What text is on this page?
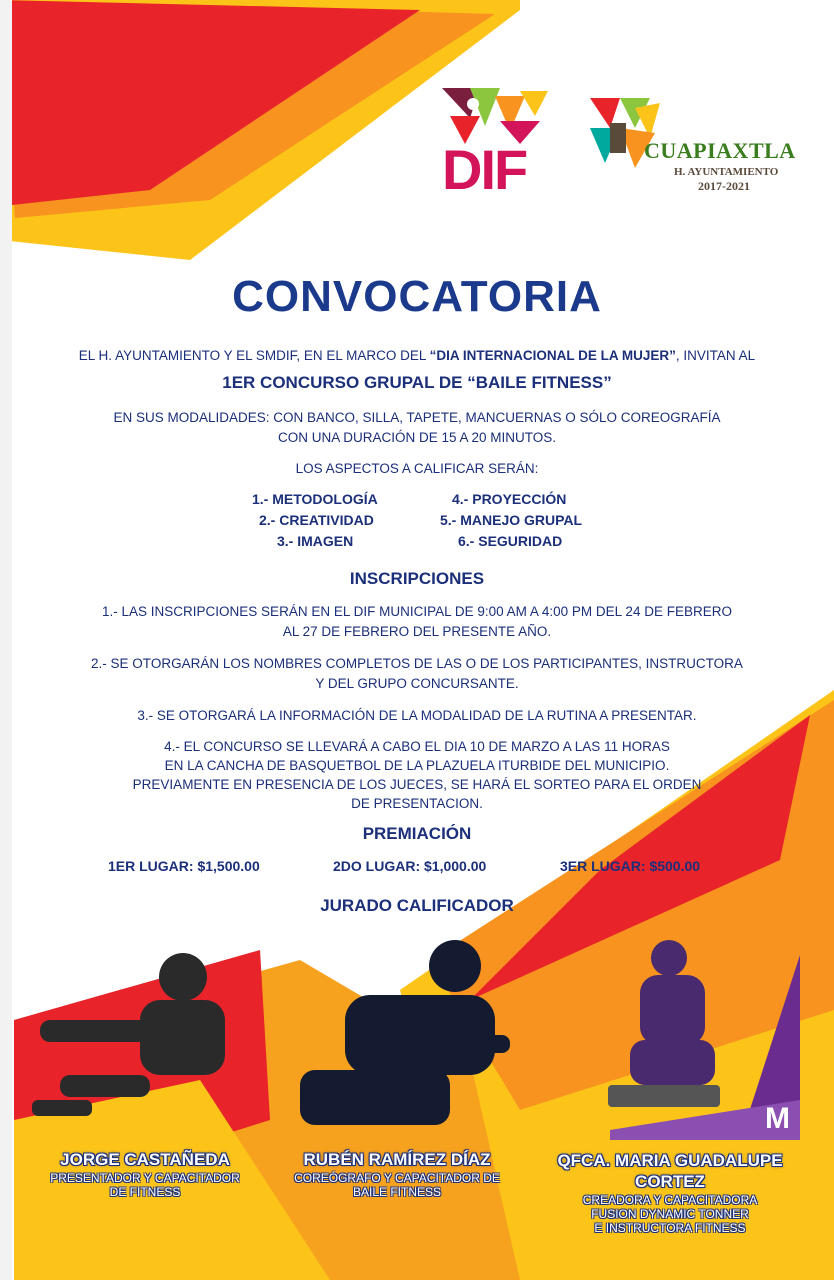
M
DIF	CUAPIAXTLA
H. AYUNTAMIENTO
2017-2021
CONVOCATORIA
EL H. AYUNTAMIENTO Y EL SMDIF, EN EL MARCO DEL “DIA INTERNACIONAL DE LA MUJER”, INVITAN AL
1ER CONCURSO GRUPAL DE “BAILE FITNESS”
EN SUS MODALIDADES: CON BANCO, SILLA, TAPETE, MANCUERNAS O SÓLO COREOGRAFÍA
CON UNA DURACIÓN DE 15 A 20 MINUTOS.
LOS ASPECTOS A CALIFICAR SERÁN:
1.- METODOLOGÍA
2.- CREATIVIDAD
3.- IMAGEN
4.- PROYECCIÓN
5.- MANEJO GRUPAL
6.- SEGURIDAD
INSCRIPCIONES
1.- LAS INSCRIPCIONES SERÁN EN EL DIF MUNICIPAL DE 9:00 AM A 4:00 PM DEL 24 DE FEBRERO
AL 27 DE FEBRERO DEL PRESENTE AÑO.
2.- SE OTORGARÁN LOS NOMBRES COMPLETOS DE LAS O DE LOS PARTICIPANTES, INSTRUCTORA
Y DEL GRUPO CONCURSANTE.
3.- SE OTORGARÁ LA INFORMACIÓN DE LA MODALIDAD DE LA RUTINA A PRESENTAR.
4.- EL CONCURSO SE LLEVARÁ A CABO EL DIA 10 DE MARZO A LAS 11 HORAS
EN LA CANCHA DE BASQUETBOL DE LA PLAZUELA ITURBIDE DEL MUNICIPIO.
PREVIAMENTE EN PRESENCIA DE LOS JUECES, SE HARÁ EL SORTEO PARA EL ORDEN
DE PRESENTACION.
PREMIACIÓN
1ER LUGAR: $1,500.00	2DO LUGAR: $1,000.00	3ER LUGAR: $500.00
JURADO CALIFICADOR
JORGE CASTAÑEDA
PRESENTADOR Y CAPACITADOR
DE FITNESS
RUBÉN RAMÍREZ DÍAZ
COREÓGRAFO Y CAPACITADOR DE
BAILE FITNESS
QFCA. MARIA GUADALUPE
CORTEZ
CREADORA Y CAPACITADORA
FUSION DYNAMIC TONNER
E INSTRUCTORA FITNESS
